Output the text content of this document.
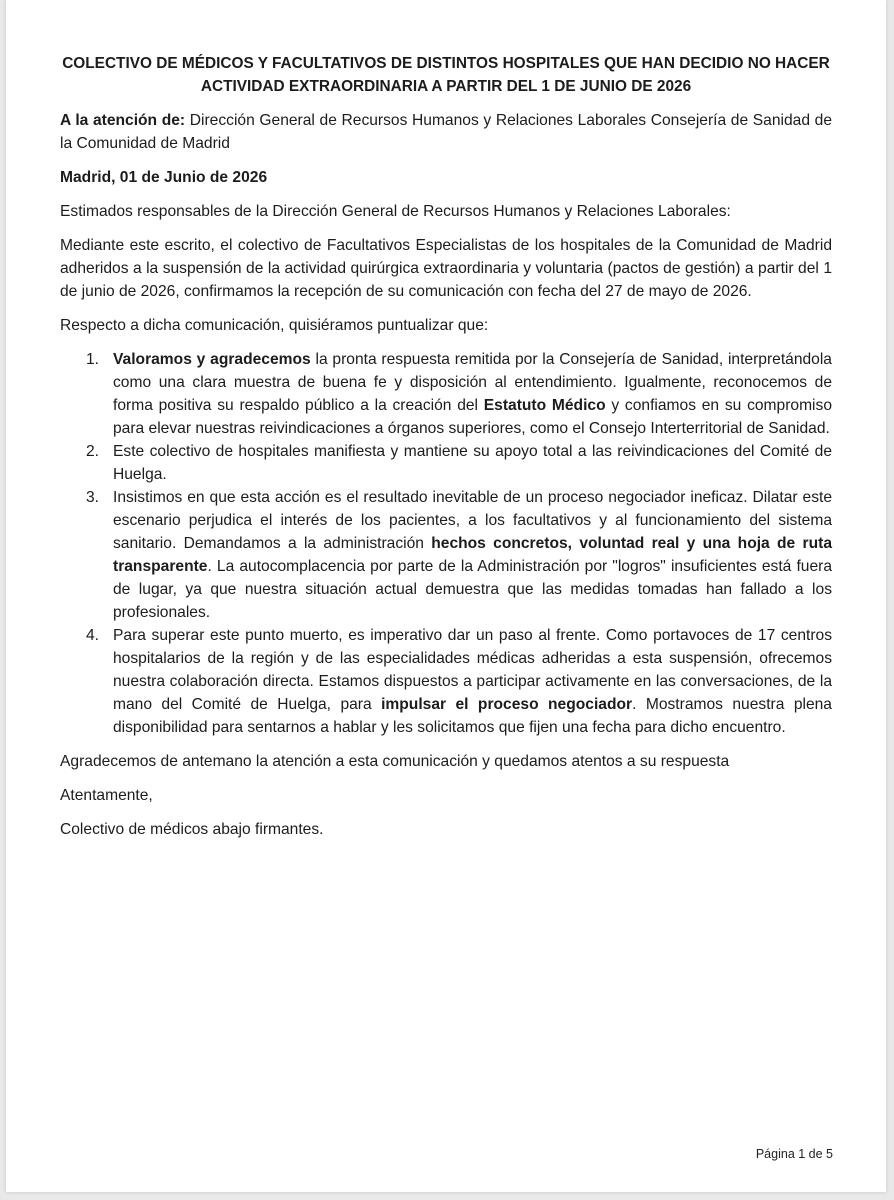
COLECTIVO DE MÉDICOS Y FACULTATIVOS DE DISTINTOS HOSPITALES QUE HAN DECIDIO NO HACER ACTIVIDAD EXTRAORDINARIA A PARTIR DEL 1 DE JUNIO DE 2026

A la atención de: Dirección General de Recursos Humanos y Relaciones Laborales Consejería de Sanidad de la Comunidad de Madrid

Madrid, 01 de Junio de 2026

Estimados responsables de la Dirección General de Recursos Humanos y Relaciones Laborales:

Mediante este escrito, el colectivo de Facultativos Especialistas de los hospitales de la Comunidad de Madrid adheridos a la suspensión de la actividad quirúrgica extraordinaria y voluntaria (pactos de gestión) a partir del 1 de junio de 2026, confirmamos la recepción de su comunicación con fecha del 27 de mayo de 2026.

Respecto a dicha comunicación, quisiéramos puntualizar que:

1. Valoramos y agradecemos la pronta respuesta remitida por la Consejería de Sanidad, interpretándola como una clara muestra de buena fe y disposición al entendimiento. Igualmente, reconocemos de forma positiva su respaldo público a la creación del Estatuto Médico y confiamos en su compromiso para elevar nuestras reivindicaciones a órganos superiores, como el Consejo Interterritorial de Sanidad.
2. Este colectivo de hospitales manifiesta y mantiene su apoyo total a las reivindicaciones del Comité de Huelga.
3. Insistimos en que esta acción es el resultado inevitable de un proceso negociador ineficaz. Dilatar este escenario perjudica el interés de los pacientes, a los facultativos y al funcionamiento del sistema sanitario. Demandamos a la administración hechos concretos, voluntad real y una hoja de ruta transparente. La autocomplacencia por parte de la Administración por "logros" insuficientes está fuera de lugar, ya que nuestra situación actual demuestra que las medidas tomadas han fallado a los profesionales.
4. Para superar este punto muerto, es imperativo dar un paso al frente. Como portavoces de 17 centros hospitalarios de la región y de las especialidades médicas adheridas a esta suspensión, ofrecemos nuestra colaboración directa. Estamos dispuestos a participar activamente en las conversaciones, de la mano del Comité de Huelga, para impulsar el proceso negociador. Mostramos nuestra plena disponibilidad para sentarnos a hablar y les solicitamos que fijen una fecha para dicho encuentro.

Agradecemos de antemano la atención a esta comunicación y quedamos atentos a su respuesta

Atentamente,

Colectivo de médicos abajo firmantes.

Página 1 de 5
